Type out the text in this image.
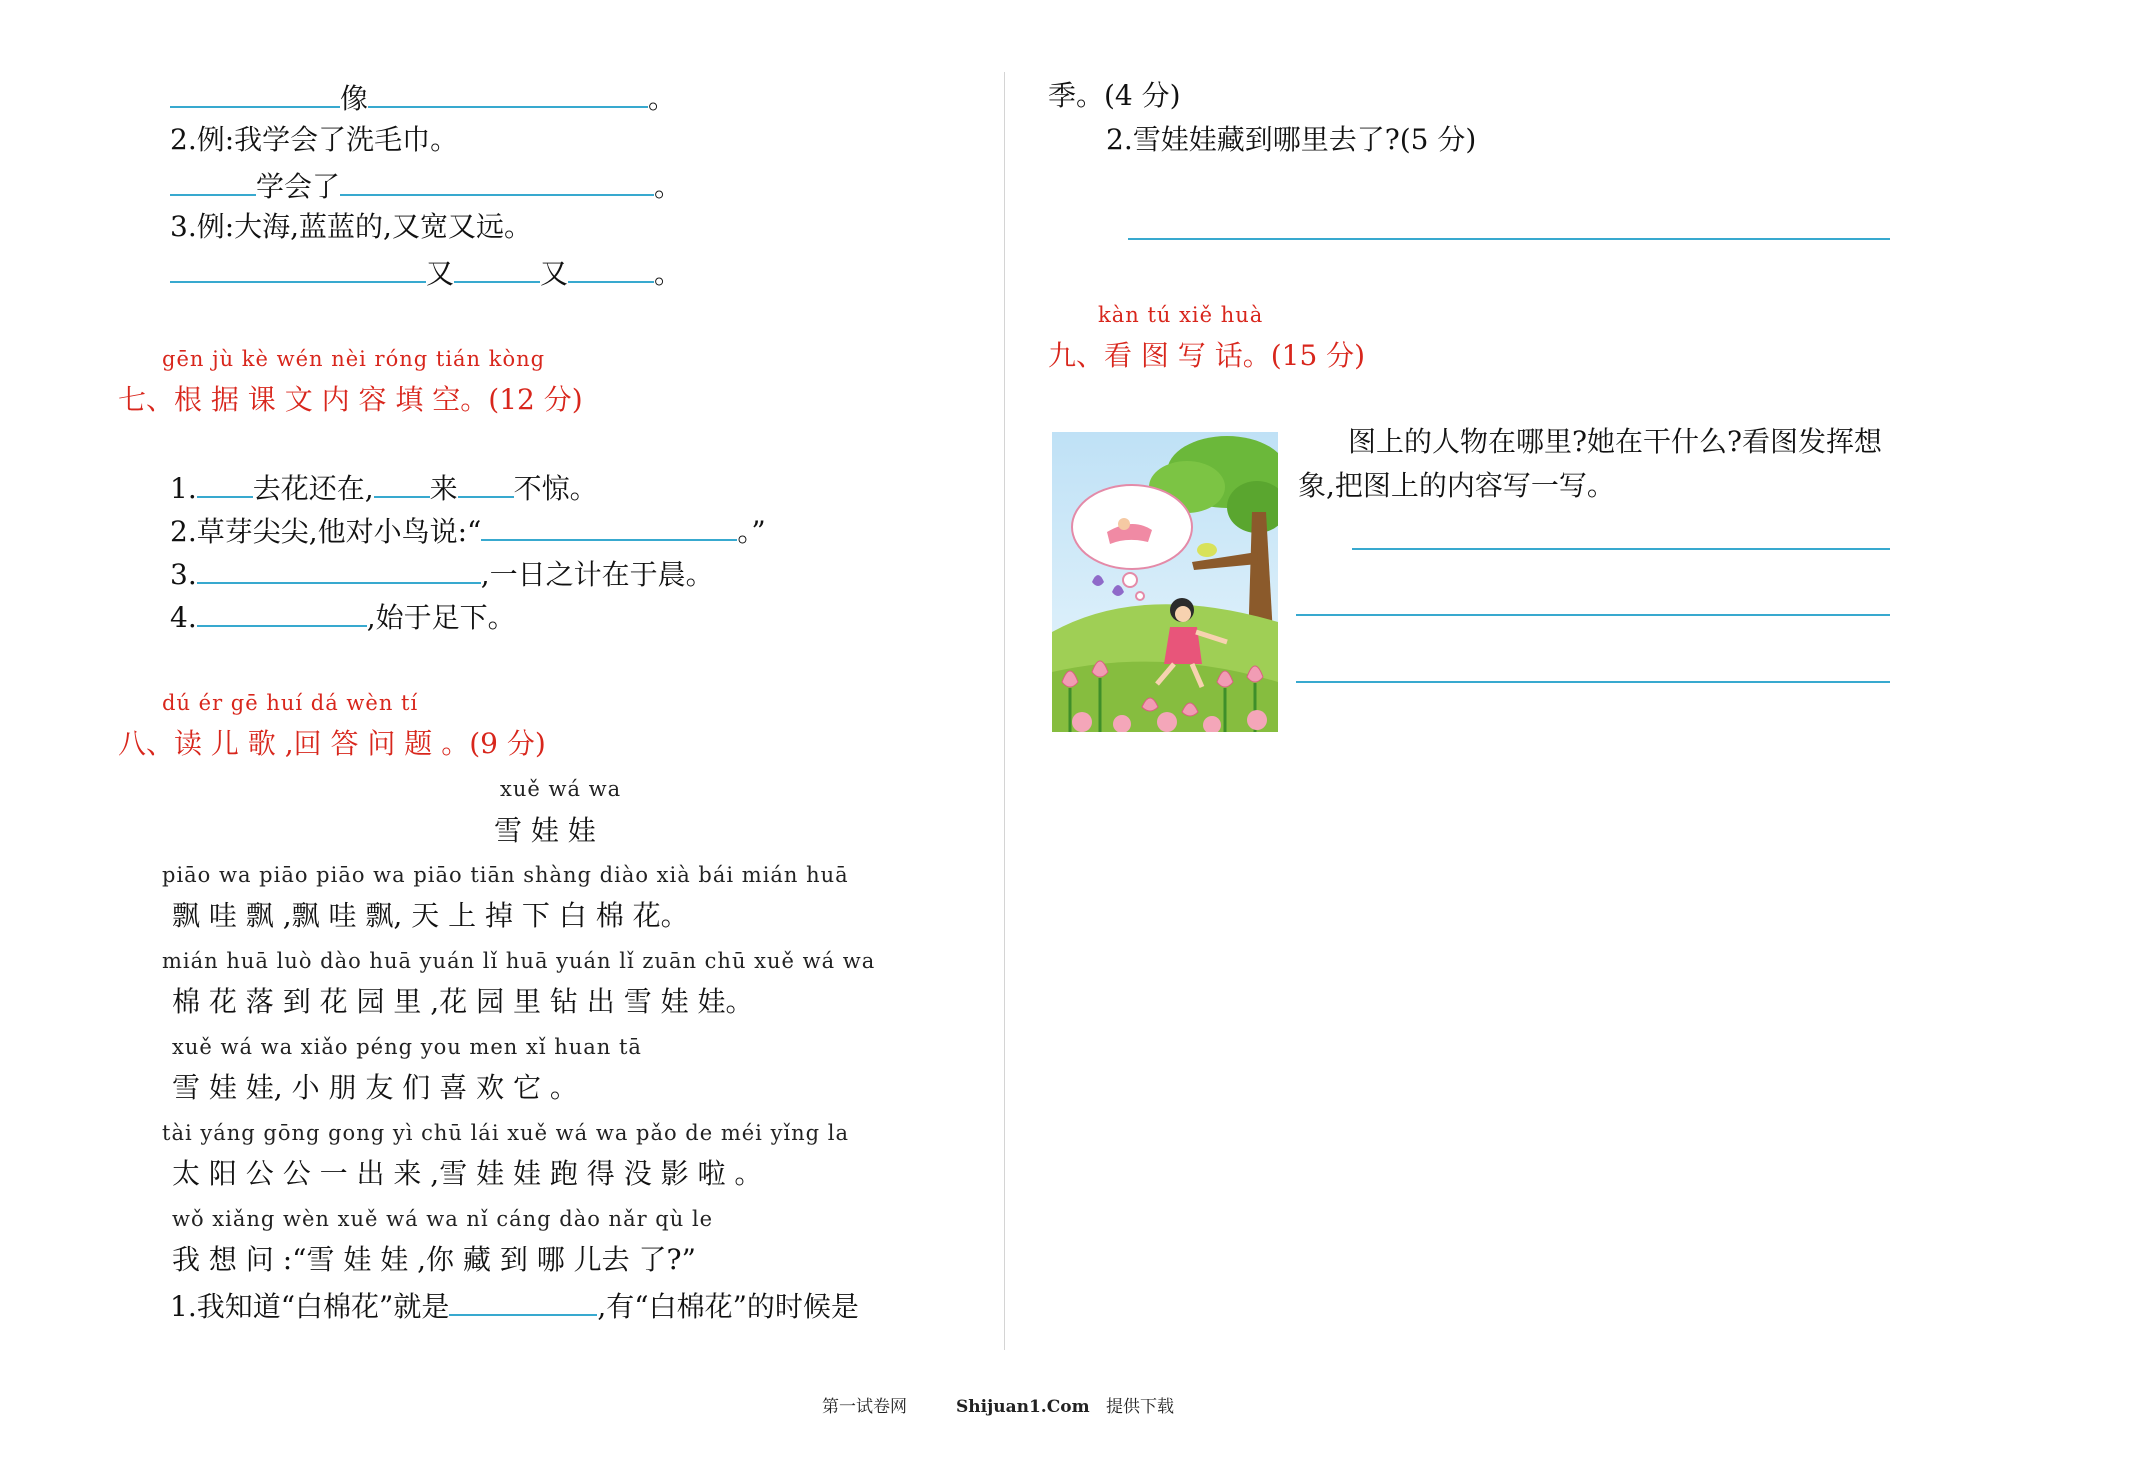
像	。
2.例:我学会了洗毛巾。
学会了	。
3.例:大海,蓝蓝的,又宽又远。
又	又	。
gēn jù kè wén nèi róng tián kòng
七、根 据 课 文 内 容 填 空。(12 分)
1. 去花还在, 来 不惊。
2.草芽尖尖,他对小鸟说:“	。”
3.	,一日之计在于晨。
4.	,始于足下。
dú ér gē huí dá wèn tí
八、读 儿 歌 ,回 答 问 题 。(9 分)
xuě wá wa
雪 娃 娃
piāo wa piāo piāo wa piāo tiān shàng diào xià bái mián huā
飘 哇 飘 ,飘 哇 飘, 天 上 掉 下 白 棉 花。
mián huā luò dào huā yuán lǐ huā yuán lǐ zuān chū xuě wá wa
棉 花 落 到 花 园 里 ,花 园 里 钻 出 雪 娃 娃。
xuě wá wa xiǎo péng you men xǐ huan tā
雪 娃 娃, 小 朋 友 们 喜 欢 它 。
tài yáng gōng gong yì chū lái xuě wá wa pǎo de méi yǐng la
太 阳 公 公 一 出 来 ,雪 娃 娃 跑 得 没 影 啦 。
wǒ xiǎng wèn xuě wá wa nǐ cáng dào nǎr qù le
我 想 问 :“雪 娃 娃 ,你 藏 到 哪 儿去 了?”
1.我知道“白棉花”就是	,有“白棉花”的时候是
季。(4 分)
2.雪娃娃藏到哪里去了?(5 分)
kàn tú xiě huà
九、看 图 写 话。(15 分)
图上的人物在哪里?她在干什么?看图发挥想
象,把图上的内容写一写。
第一试卷网	Shijuan1.Com 提供下载
